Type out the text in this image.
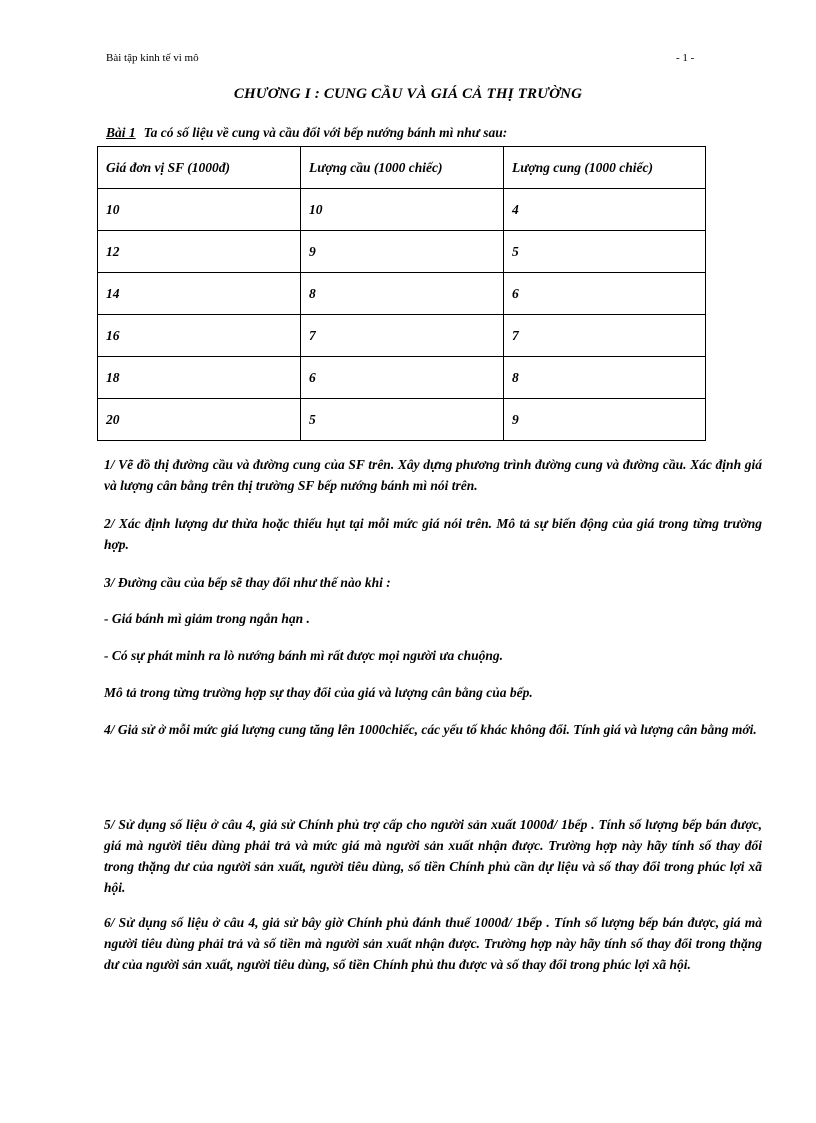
Bài tập kinh tế vi mô	- 1 -
CHƯƠNG I : CUNG CẦU VÀ GIÁ CẢ THỊ TRƯỜNG
Bài 1 Ta có số liệu về cung và cầu đối với bếp nướng bánh mì như sau:
Giá đơn vị SF (1000đ)	Lượng cầu (1000 chiếc)	Lượng cung (1000 chiếc)
10	10	4
12	9	5
14	8	6
16	7	7
18	6	8
20	5	9

1/ Vẽ đồ thị đường cầu và đường cung của SF trên. Xây dựng phương trình đường cung và đường cầu. Xác định giá và lượng cân bằng trên thị trường SF bếp nướng bánh mì nói trên.

2/ Xác định lượng dư thừa hoặc thiếu hụt tại mỗi mức giá nói trên. Mô tả sự biến động của giá trong từng trường hợp.

3/ Đường cầu của bếp sẽ thay đổi như thế nào khi :

- Giá bánh mì giảm trong ngắn hạn .

- Có sự phát minh ra lò nướng bánh mì rất được mọi người ưa chuộng.

Mô tả trong từng trường hợp sự thay đổi của giá và lượng cân bằng của bếp.

4/ Giả sử ở mỗi mức giá lượng cung tăng lên 1000chiếc, các yếu tố khác không đổi. Tính giá và lượng cân bằng mới.

5/ Sử dụng số liệu ở câu 4, giả sử Chính phủ trợ cấp cho người sản xuất 1000đ/ 1bếp . Tính số lượng bếp bán được, giá mà người tiêu dùng phải trả và mức giá mà người sản xuất nhận được. Trường hợp này hãy tính số thay đổi trong thặng dư của người sản xuất, người tiêu dùng, số tiền Chính phủ cần dự liệu và số thay đổi trong phúc lợi xã hội.

6/ Sử dụng số liệu ở câu 4, giả sử bây giờ Chính phủ đánh thuế 1000đ/ 1bếp . Tính số lượng bếp bán được, giá mà người tiêu dùng phải trả và số tiền mà người sản xuất nhận được. Trường hợp này hãy tính số thay đổi trong thặng dư của người sản xuất, người tiêu dùng, số tiền Chính phủ thu được và số thay đổi trong phúc lợi xã hội.
